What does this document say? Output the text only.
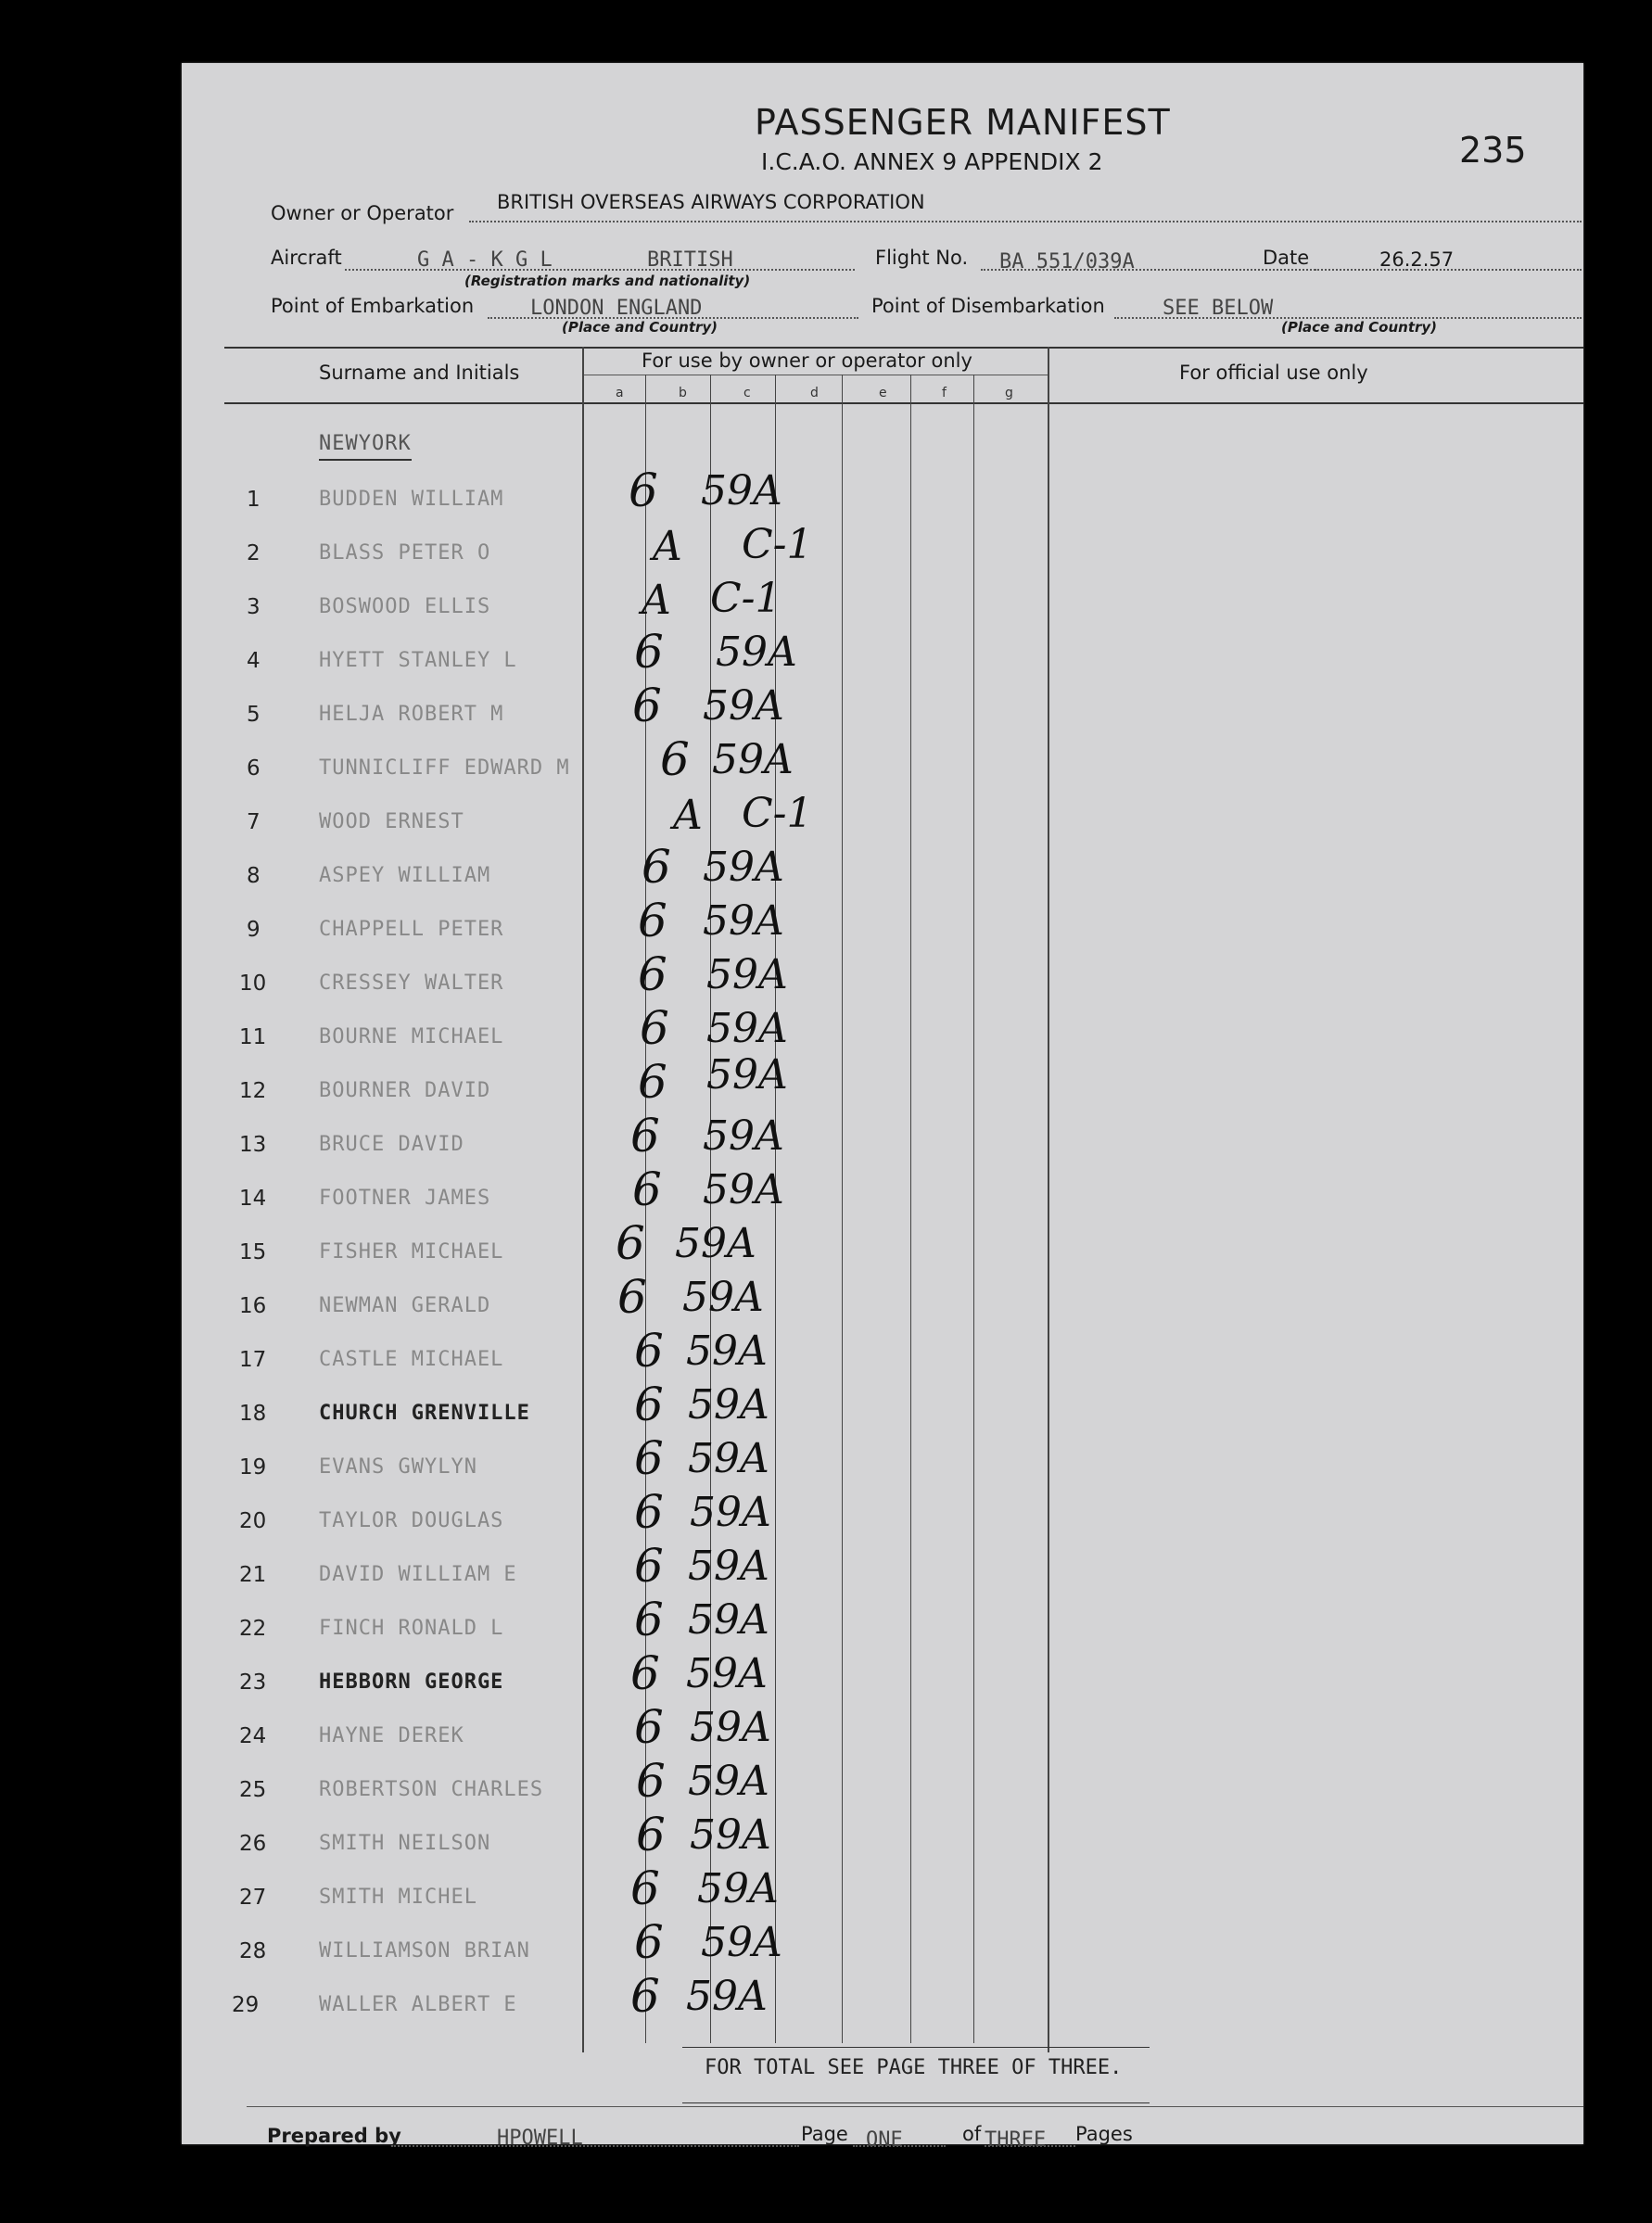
PASSENGER MANIFEST
I.C.A.O. ANNEX 9 APPENDIX 2	235
Owner or Operator BRITISH OVERSEAS AIRWAYS CORPORATION
Aircraft	G A - K G L	BRITISH
(Registration marks and nationality)
Flight No. BA 551/039A	Date	26.2.57
Point of Embarkation	LONDON ENGLAND
(Place and Country)
Point of Disembarkation	SEE BELOW
(Place and Country)
Surname and Initials
For use by owner or operator only
For official use only
a	b	c	d	e	f	g
NEWYORK
1	BUDDEN WILLIAM	6 59A
2	BLASS PETER O	A C-1
3	BOSWOOD ELLIS	A C-1
4	HYETT STANLEY L	6 59A
5	HELJA ROBERT M	6 59A
6	TUNNICLIFF EDWARD M 6 59A
7	WOOD ERNEST	A C-1
8	ASPEY WILLIAM	6 59A
9	CHAPPELL PETER	6 59A
10	CRESSEY WALTER	6 59A
11	BOURNE MICHAEL	6 59A
12	BOURNER DAVID	6 59A
13	BRUCE DAVID	6 59A
14	FOOTNER JAMES	6 59A
15	FISHER MICHAEL 6 59A
16	NEWMAN GERALD	6 59A
17	CASTLE MICHAEL	6 59A
18	CHURCH GRENVILLE 6 59A
19	EVANS GWYLYN	6 59A
20	TAYLOR DOUGLAS	6 59A
21	DAVID WILLIAM E	6 59A
22	FINCH RONALD L	6 59A
23	HEBBORN GEORGE	6 59A
24	HAYNE DEREK	6 59A
25	ROBERTSON CHARLES 6 59A
26	SMITH NEILSON	6 59A
27	SMITH MICHEL	6 59A
28	WILLIAMSON BRIAN 6 59A
29	WALLER ALBERT E 6 59A
FOR TOTAL SEE PAGE THREE OF THREE.
Prepared by	HPOWELL	Page ONE	of THREE Pages
